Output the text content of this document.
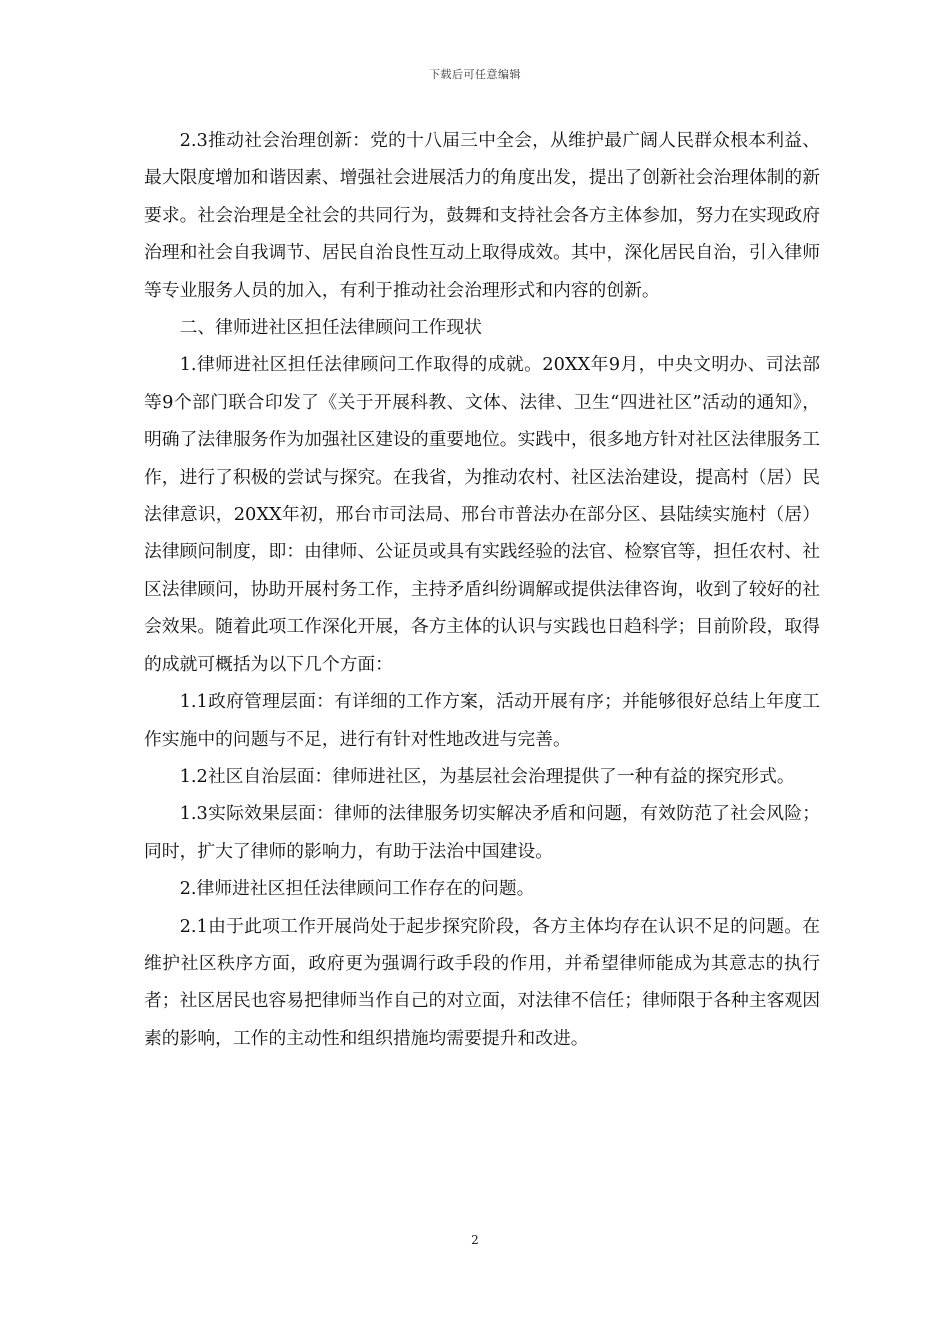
下载后可任意编辑

2.3推动社会治理创新：党的十八届三中全会，从维护最广阔人民群众根本利益、最大限度增加和谐因素、增强社会进展活力的角度出发，提出了创新社会治理体制的新要求。社会治理是全社会的共同行为，鼓舞和支持社会各方主体参加，努力在实现政府治理和社会自我调节、居民自治良性互动上取得成效。其中，深化居民自治，引入律师等专业服务人员的加入，有利于推动社会治理形式和内容的创新。

二、律师进社区担任法律顾问工作现状

1.律师进社区担任法律顾问工作取得的成就。20XX年9月，中央文明办、司法部等9个部门联合印发了《关于开展科教、文体、法律、卫生“四进社区”活动的通知》，明确了法律服务作为加强社区建设的重要地位。实践中，很多地方针对社区法律服务工作，进行了积极的尝试与探究。在我省，为推动农村、社区法治建设，提高村（居）民法律意识，20XX年初，邢台市司法局、邢台市普法办在部分区、县陆续实施村（居）法律顾问制度，即：由律师、公证员或具有实践经验的法官、检察官等，担任农村、社区法律顾问，协助开展村务工作，主持矛盾纠纷调解或提供法律咨询，收到了较好的社会效果。随着此项工作深化开展，各方主体的认识与实践也日趋科学；目前阶段，取得的成就可概括为以下几个方面：

1.1政府管理层面：有详细的工作方案，活动开展有序；并能够很好总结上年度工作实施中的问题与不足，进行有针对性地改进与完善。

1.2社区自治层面：律师进社区，为基层社会治理提供了一种有益的探究形式。

1.3实际效果层面：律师的法律服务切实解决矛盾和问题，有效防范了社会风险；同时，扩大了律师的影响力，有助于法治中国建设。

2.律师进社区担任法律顾问工作存在的问题。

2.1由于此项工作开展尚处于起步探究阶段，各方主体均存在认识不足的问题。在维护社区秩序方面，政府更为强调行政手段的作用，并希望律师能成为其意志的执行者；社区居民也容易把律师当作自己的对立面，对法律不信任；律师限于各种主客观因素的影响，工作的主动性和组织措施均需要提升和改进。

2
